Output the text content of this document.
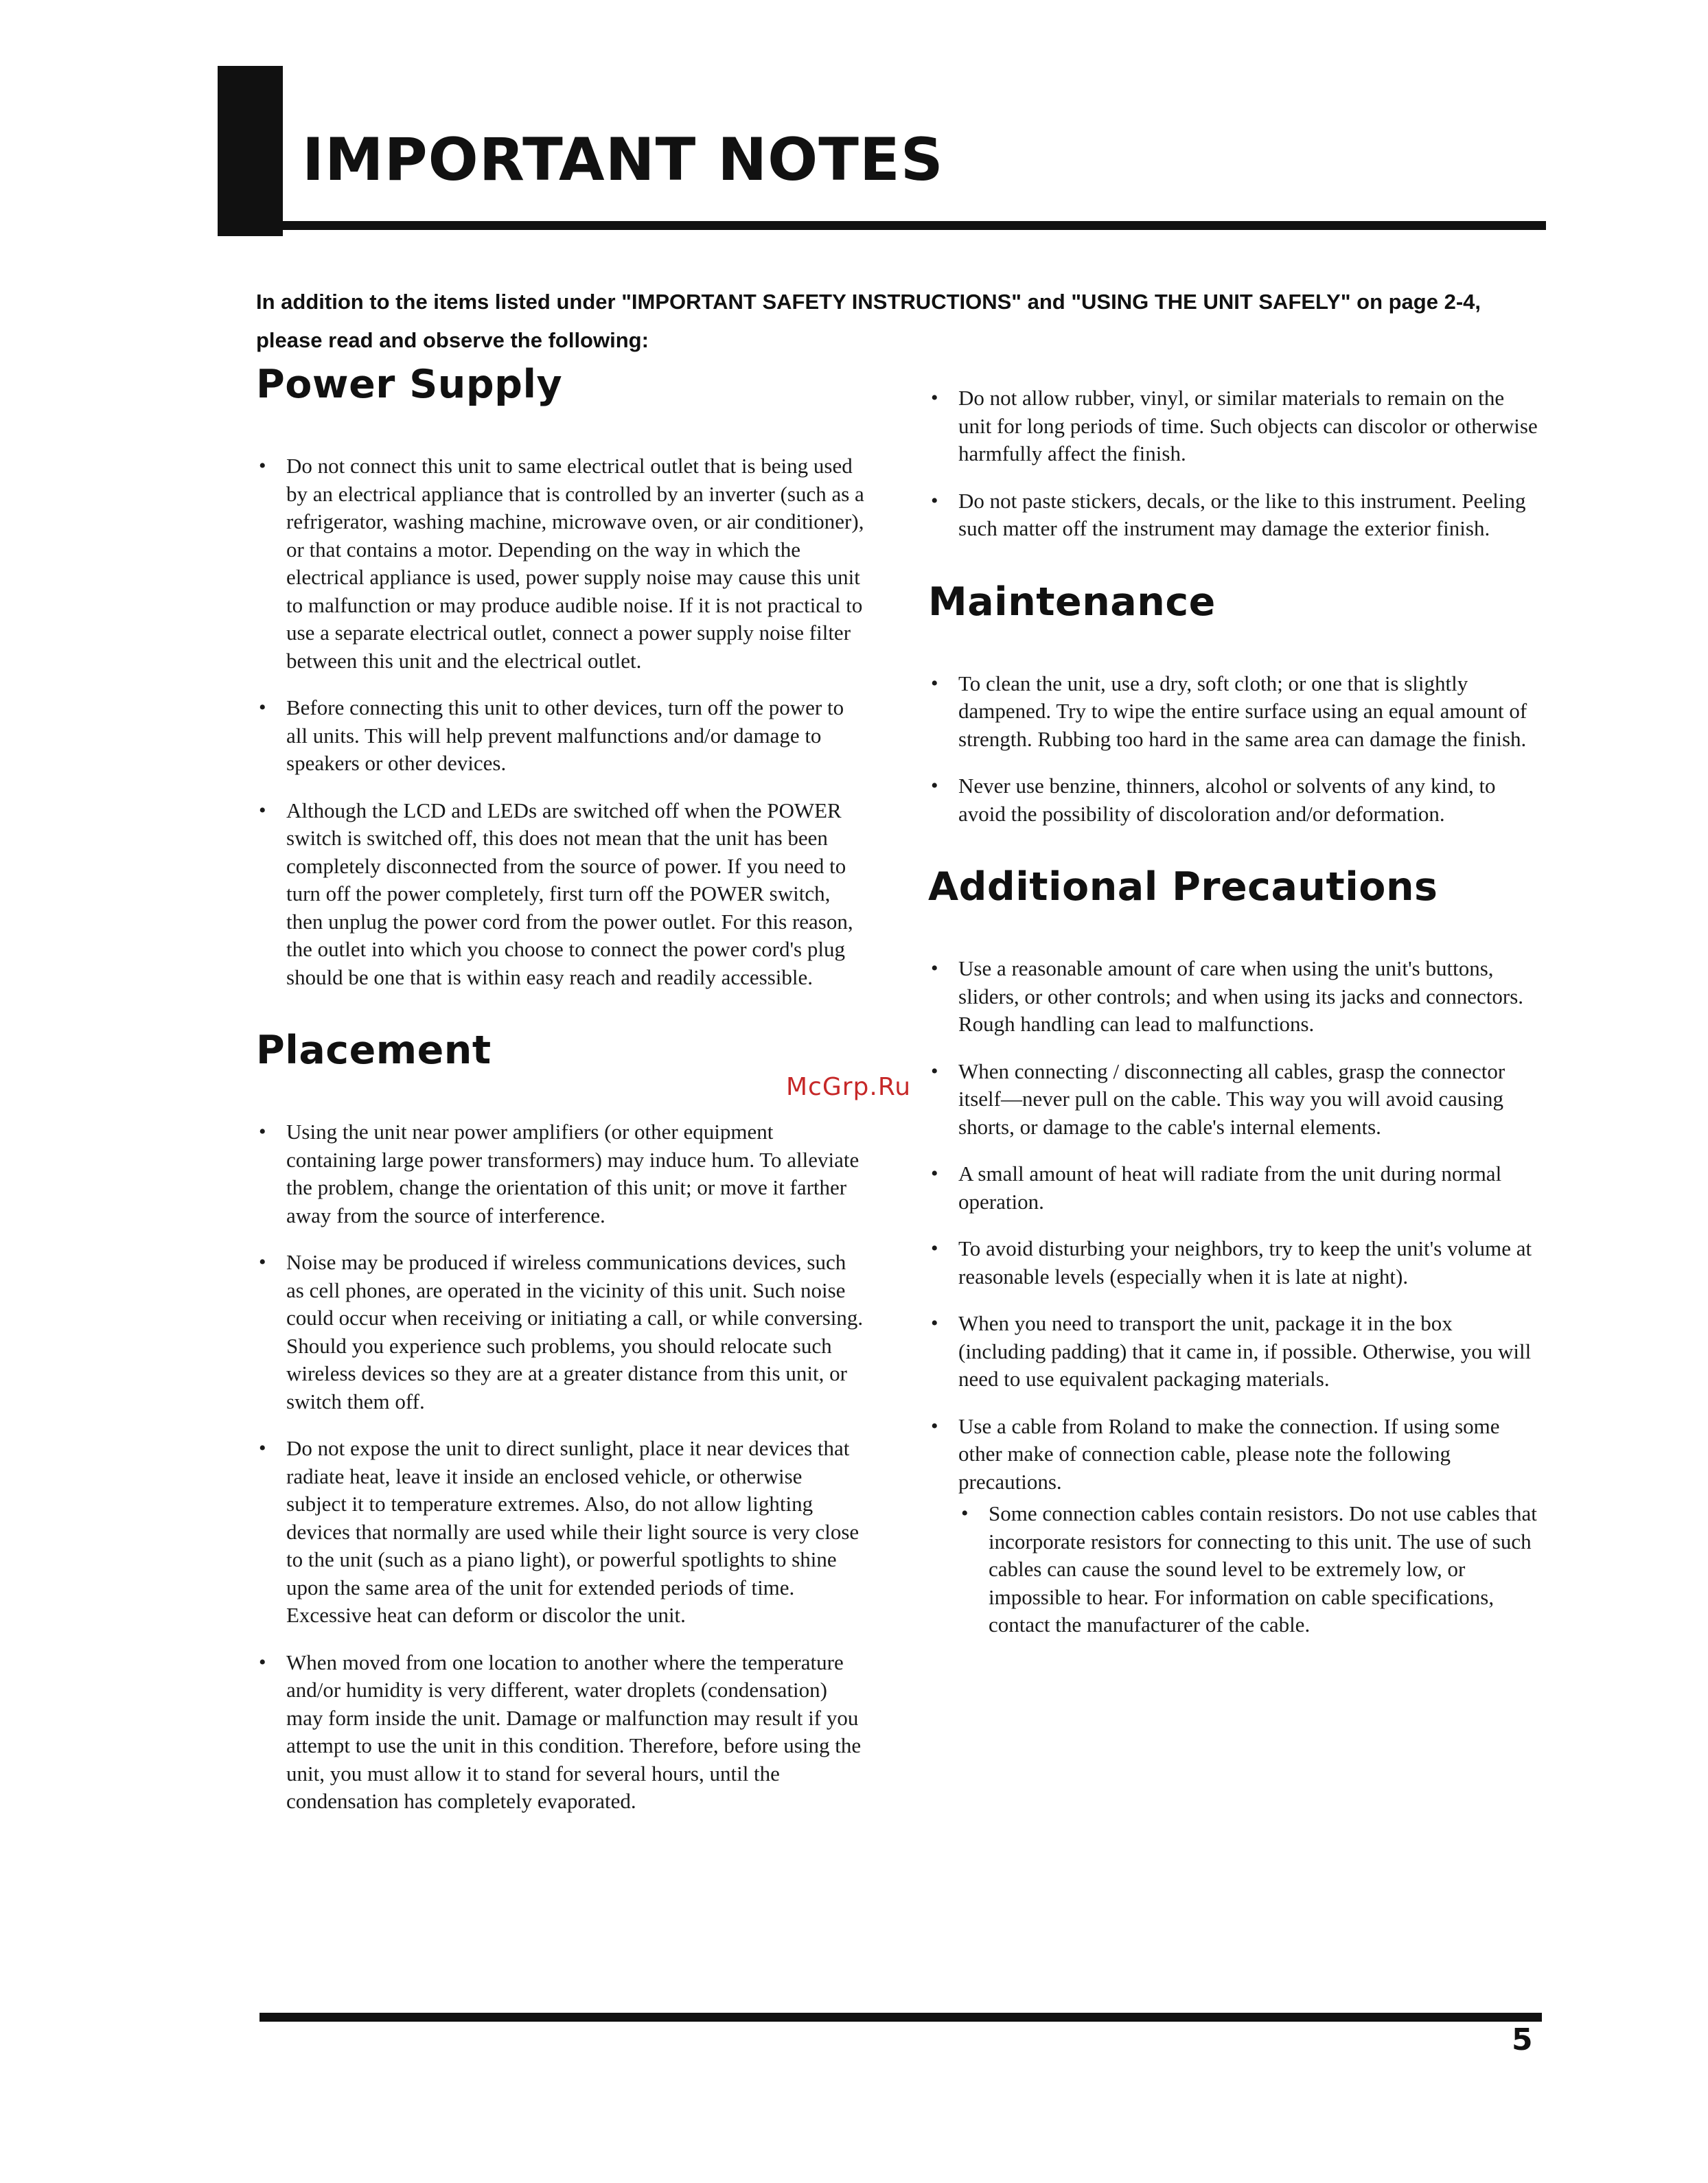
IMPORTANT NOTES

In addition to the items listed under "IMPORTANT SAFETY INSTRUCTIONS" and "USING THE UNIT SAFELY" on page 2-4, please read and observe the following:

Power Supply
• Do not connect this unit to same electrical outlet that is being used by an electrical appliance that is controlled by an inverter (such as a refrigerator, washing machine, microwave oven, or air conditioner), or that contains a motor. Depending on the way in which the electrical appliance is used, power supply noise may cause this unit to malfunction or may produce audible noise. If it is not practical to use a separate electrical outlet, connect a power supply noise filter between this unit and the electrical outlet.
• Before connecting this unit to other devices, turn off the power to all units. This will help prevent malfunctions and/or damage to speakers or other devices.
• Although the LCD and LEDs are switched off when the POWER switch is switched off, this does not mean that the unit has been completely disconnected from the source of power. If you need to turn off the power completely, first turn off the POWER switch, then unplug the power cord from the power outlet. For this reason, the outlet into which you choose to connect the power cord's plug should be one that is within easy reach and readily accessible.
Placement
• Using the unit near power amplifiers (or other equipment containing large power transformers) may induce hum. To alleviate the problem, change the orientation of this unit; or move it farther away from the source of interference.
• Noise may be produced if wireless communications devices, such as cell phones, are operated in the vicinity of this unit. Such noise could occur when receiving or initiating a call, or while conversing. Should you experience such problems, you should relocate such wireless devices so they are at a greater distance from this unit, or switch them off.
• Do not expose the unit to direct sunlight, place it near devices that radiate heat, leave it inside an enclosed vehicle, or otherwise subject it to temperature extremes. Also, do not allow lighting devices that normally are used while their light source is very close to the unit (such as a piano light), or powerful spotlights to shine upon the same area of the unit for extended periods of time. Excessive heat can deform or discolor the unit.
• When moved from one location to another where the temperature and/or humidity is very different, water droplets (condensation) may form inside the unit. Damage or malfunction may result if you attempt to use the unit in this condition. Therefore, before using the unit, you must allow it to stand for several hours, until the condensation has completely evaporated.
• Do not allow rubber, vinyl, or similar materials to remain on the unit for long periods of time. Such objects can discolor or otherwise harmfully affect the finish.
• Do not paste stickers, decals, or the like to this instrument. Peeling such matter off the instrument may damage the exterior finish.
Maintenance
• To clean the unit, use a dry, soft cloth; or one that is slightly dampened. Try to wipe the entire surface using an equal amount of strength. Rubbing too hard in the same area can damage the finish.
• Never use benzine, thinners, alcohol or solvents of any kind, to avoid the possibility of discoloration and/or deformation.
Additional Precautions
• Use a reasonable amount of care when using the unit's buttons, sliders, or other controls; and when using its jacks and connectors. Rough handling can lead to malfunctions.
• When connecting / disconnecting all cables, grasp the connector itself—never pull on the cable. This way you will avoid causing shorts, or damage to the cable's internal elements.
• A small amount of heat will radiate from the unit during normal operation.
• To avoid disturbing your neighbors, try to keep the unit's volume at reasonable levels (especially when it is late at night).
• When you need to transport the unit, package it in the box (including padding) that it came in, if possible. Otherwise, you will need to use equivalent packaging materials.
• Use a cable from Roland to make the connection. If using some other make of connection cable, please note the following precautions.
• Some connection cables contain resistors. Do not use cables that incorporate resistors for connecting to this unit. The use of such cables can cause the sound level to be extremely low, or impossible to hear. For information on cable specifications, contact the manufacturer of the cable.
McGrp.Ru
5
